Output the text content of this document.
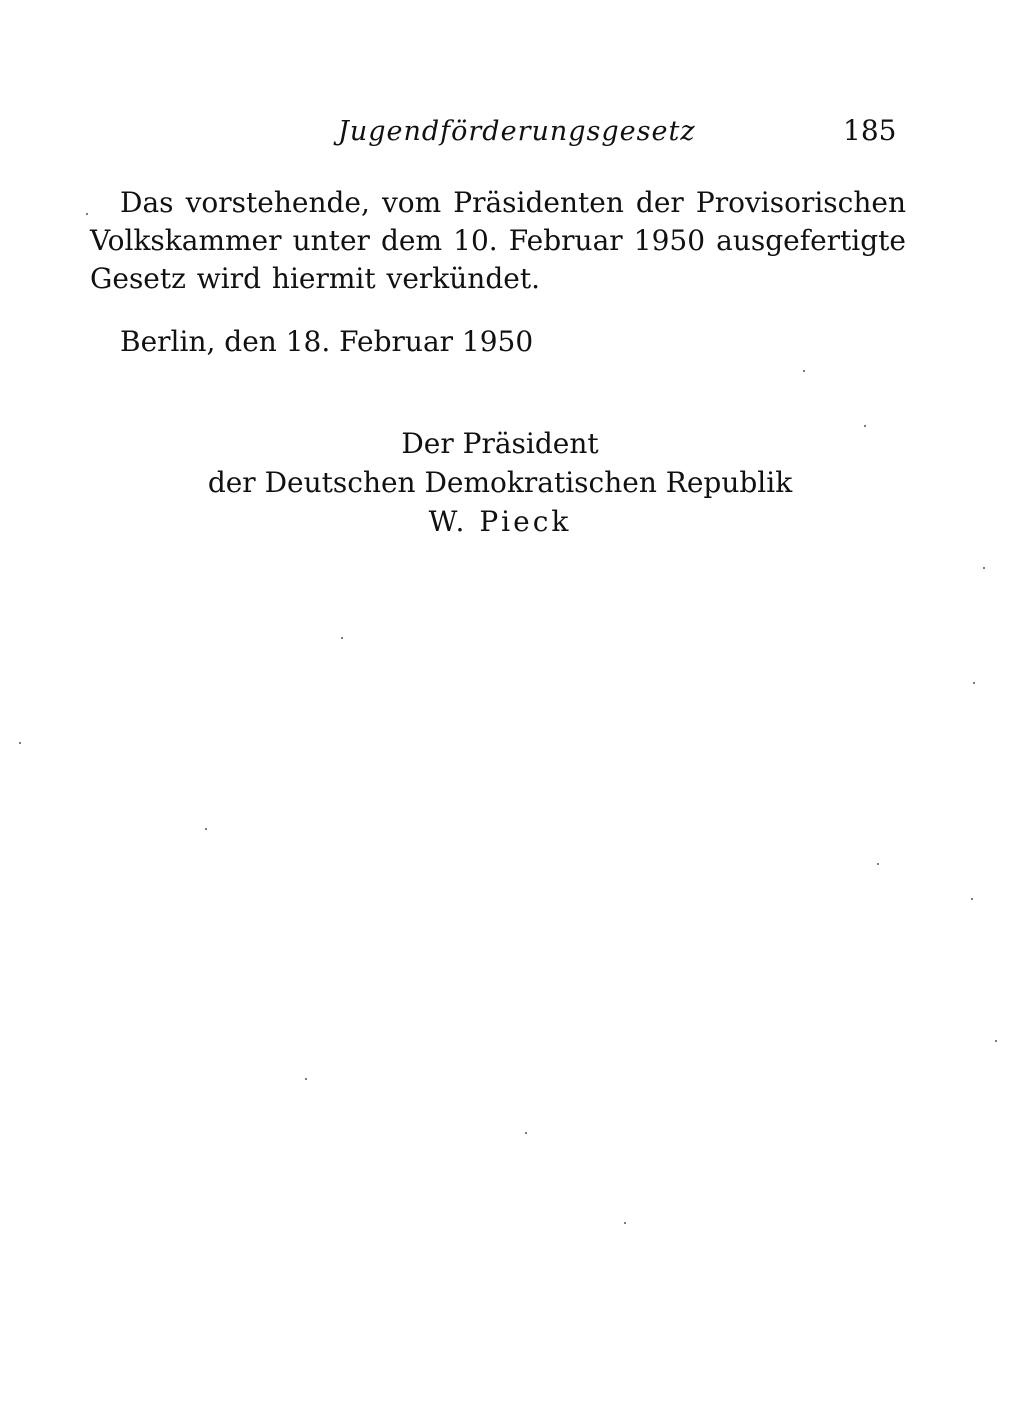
Jugendförderungsgesetz	185

Das vorstehende, vom Präsidenten der Provisorischen Volkskammer unter dem 10. Februar 1950 ausgefertigte Gesetz wird hiermit verkündet.

Berlin, den 18. Februar 1950
Der Präsident
der Deutschen Demokratischen Republik
W. Pieck
